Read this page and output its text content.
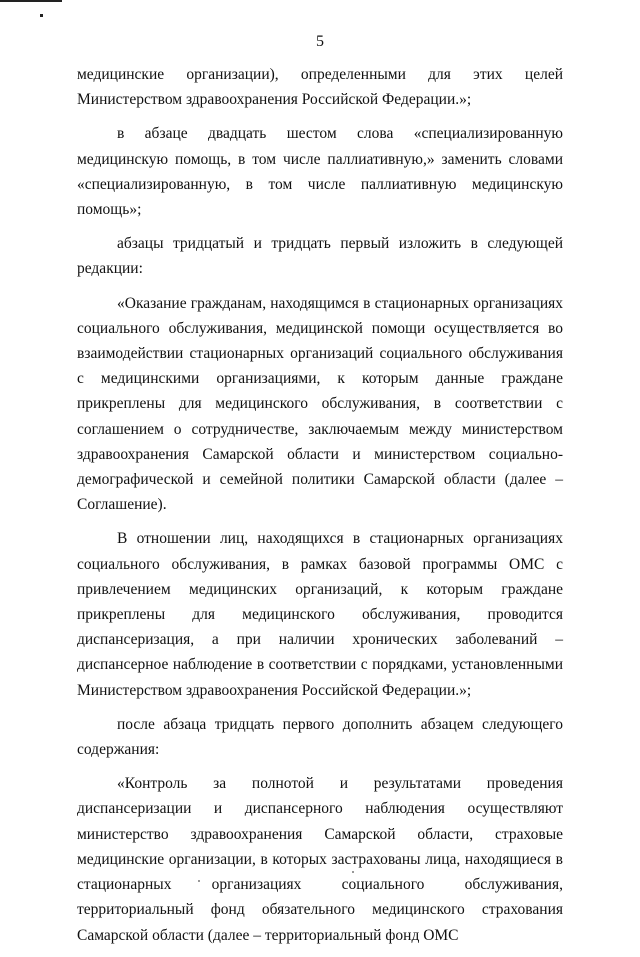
5

медицинские организации), определенными для этих целей Министерством здравоохранения Российской Федерации.»;

в абзаце двадцать шестом слова «специализированную медицинскую помощь, в том числе паллиативную,» заменить словами «специализированную, в том числе паллиативную медицинскую помощь»;

абзацы тридцатый и тридцать первый изложить в следующей редакции:

«Оказание гражданам, находящимся в стационарных организациях социального обслуживания, медицинской помощи осуществляется во взаимодействии стационарных организаций социального обслуживания с медицинскими организациями, к которым данные граждане прикреплены для медицинского обслуживания, в соответствии с соглашением о сотрудничестве, заключаемым между министерством здравоохранения Самарской области и министерством социально-демографической и семейной политики Самарской области (далее – Соглашение).

В отношении лиц, находящихся в стационарных организациях социального обслуживания, в рамках базовой программы ОМС с привлечением медицинских организаций, к которым граждане прикреплены для медицинского обслуживания, проводится диспансеризация, а при наличии хронических заболеваний – диспансерное наблюдение в соответствии с порядками, установленными Министерством здравоохранения Российской Федерации.»;

после абзаца тридцать первого дополнить абзацем следующего содержания:

«Контроль за полнотой и результатами проведения диспансеризации и диспансерного наблюдения осуществляют министерство здравоохранения Самарской области, страховые медицинские организации, в которых застрахованы лица, находящиеся в стационарных организациях социального обслуживания, территориальный фонд обязательного медицинского страхования Самарской области (далее – территориальный фонд ОМС
